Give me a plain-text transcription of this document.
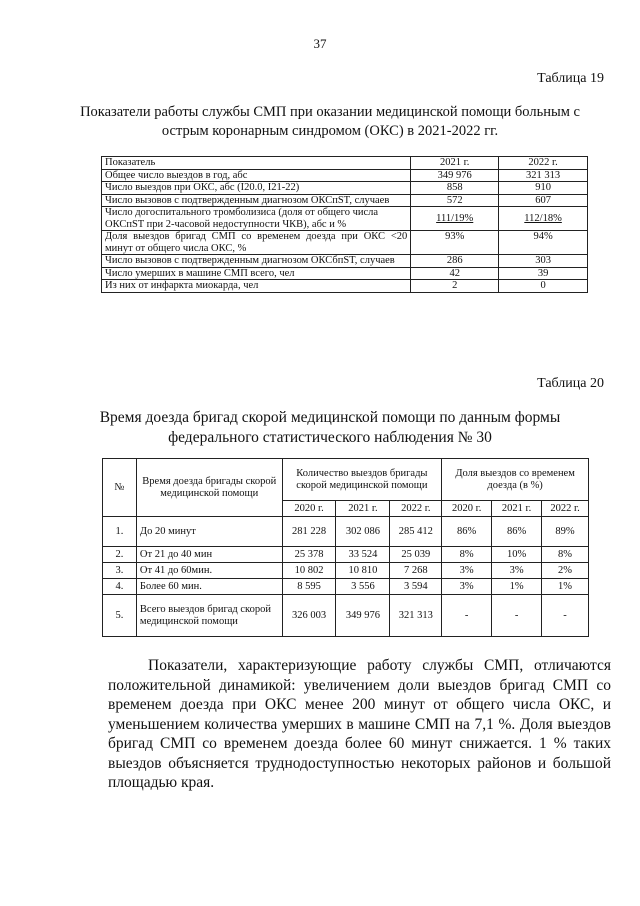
37
Таблица 19
Показатели работы службы СМП при оказании медицинской помощи больным с
острым коронарным синдромом (ОКС) в 2021-2022 гг.
Показатель	2021 г.	2022 г.
Общее число выездов в год, абс	349 976	321 313
Число выездов при ОКС, абс (I20.0, I21-22)	858	910
Число вызовов с подтвержденным диагнозом ОКСпST, случаев	572	607
Число догоспитального тромболизиса (доля от общего числа ОКСпST при 2-часовой недоступности ЧКВ), абс и %	111/19%	112/18%
Доля выездов бригад СМП со временем доезда при ОКС <20 минут от общего числа ОКС, %	93%	94%
Число вызовов с подтвержденным диагнозом ОКСбпST, случаев	286	303
Число умерших в машине СМП всего, чел	42	39
Из них от инфаркта миокарда, чел	2	0
Таблица 20
Время доезда бригад скорой медицинской помощи по данным формы
федерального статистического наблюдения № 30
№	Время доезда бригады скорой медицинской помощи	Количество выездов бригады скорой медицинской помощи			Доля выездов со временем доезда (в %)		
		2020 г.	2021 г.	2022 г.	2020 г.	2021 г.	2022 г.
1.	До 20 минут	281 228	302 086	285 412	86%	86%	89%
2.	От 21 до 40 мин	25 378	33 524	25 039	8%	10%	8%
3.	От 41 до 60мин.	10 802	10 810	7 268	3%	3%	2%
4.	Более 60 мин.	8 595	3 556	3 594	3%	1%	1%
5.	Всего выездов бригад скорой медицинской помощи	326 003	349 976	321 313	-	-	-

Показатели, характеризующие работу службы СМП, отличаются положительной динамикой: увеличением доли выездов бригад СМП со временем доезда при ОКС менее 200 минут от общего числа ОКС, и уменьшением количества умерших в машине СМП на 7,1 %. Доля выездов бригад СМП со временем доезда более 60 минут снижается. 1 % таких выездов объясняется труднодоступностью некоторых районов и большой площадью края.
